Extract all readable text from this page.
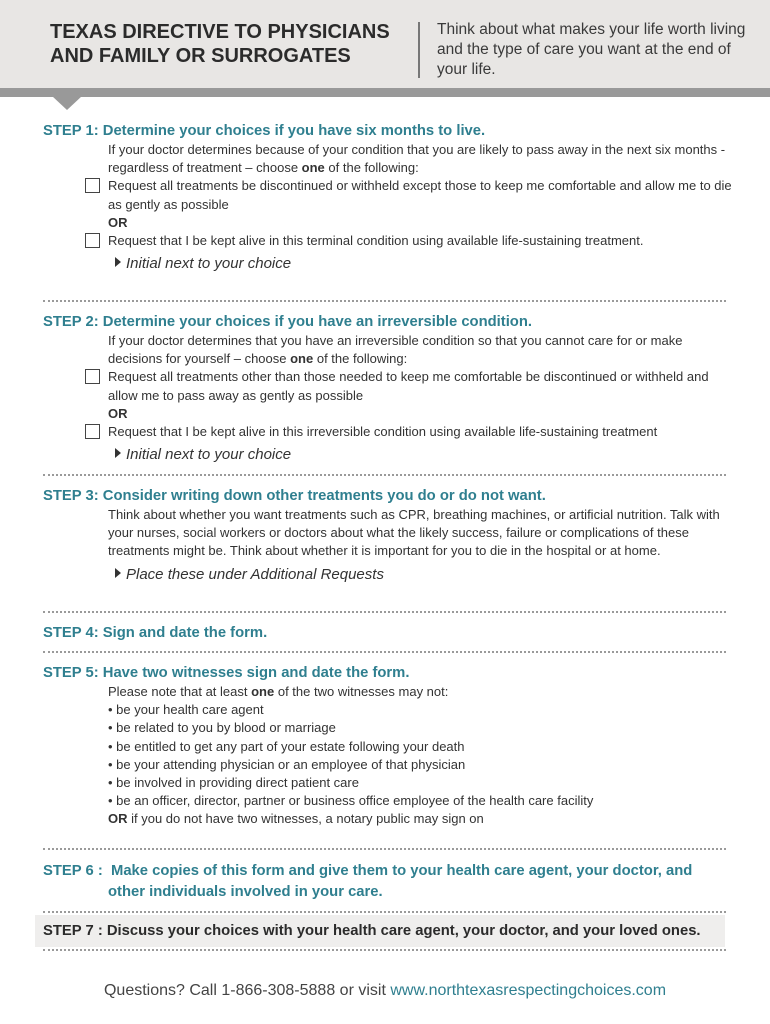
TEXAS DIRECTIVE TO PHYSICIANS AND FAMILY OR SURROGATES
Think about what makes your life worth living and the type of care you want at the end of your life.
STEP 1: Determine your choices if you have six months to live.
If your doctor determines because of your condition that you are likely to pass away in the next six months - regardless of treatment – choose one of the following:
Request all treatments be discontinued or withheld except those to keep me comfortable and allow me to die as gently as possible
OR
Request that I be kept alive in this terminal condition using available life-sustaining treatment.
Initial next to your choice
STEP 2: Determine your choices if you have an irreversible condition.
If your doctor determines that you have an irreversible condition so that you cannot care for or make decisions for yourself – choose one of the following:
Request all treatments other than those needed to keep me comfortable be discontinued or withheld and allow me to pass away as gently as possible
OR
Request that I be kept alive in this irreversible condition using available life-sustaining treatment
Initial next to your choice
STEP 3: Consider writing down other treatments you do or do not want.
Think about whether you want treatments such as CPR, breathing machines, or artificial nutrition. Talk with your nurses, social workers or doctors about what the likely success, failure or complications of these treatments might be. Think about whether it is important for you to die in the hospital or at home.
Place these under Additional Requests
STEP 4: Sign and date the form.
STEP 5: Have two witnesses sign and date the form.
Please note that at least one of the two witnesses may not:
• be your health care agent
• be related to you by blood or marriage
• be entitled to get any part of your estate following your death
• be your attending physician or an employee of that physician
• be involved in providing direct patient care
• be an officer, director, partner or business office employee of the health care facility
OR if you do not have two witnesses, a notary public may sign on
STEP 6 : Make copies of this form and give them to your health care agent, your doctor, and
other individuals involved in your care.
STEP 7 : Discuss your choices with your health care agent, your doctor, and your loved ones.
Questions? Call 1-866-308-5888 or visit www.northtexasrespectingchoices.com
